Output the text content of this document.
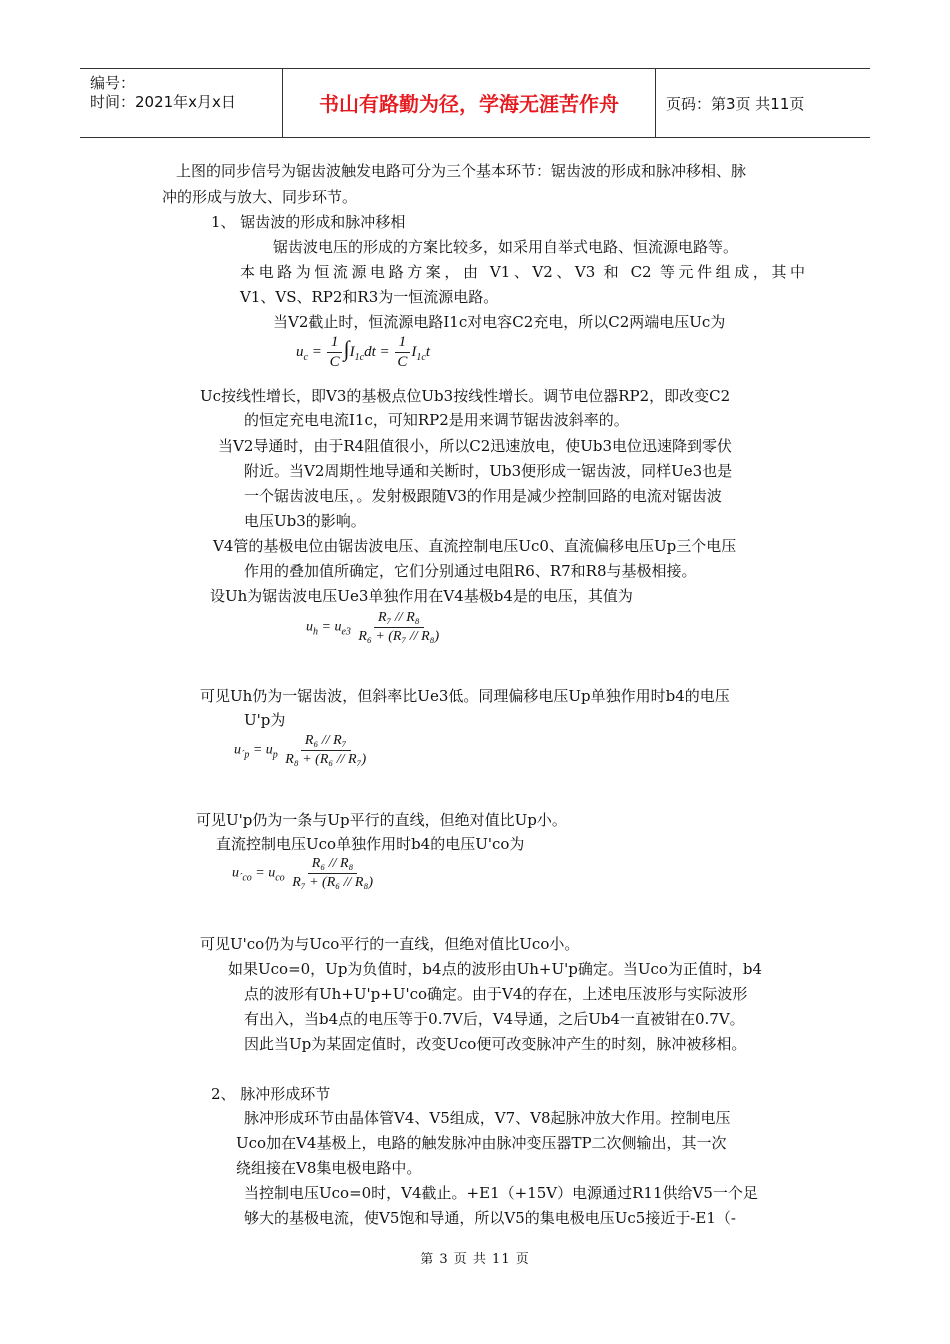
编号：
时间：2021年x月x日	书山有路勤为径，学海无涯苦作舟	页码：第3页 共11页
上图的同步信号为锯齿波触发电路可分为三个基本环节：锯齿波的形成和脉冲移相、脉
冲的形成与放大、同步环节。
1、 锯齿波的形成和脉冲移相
锯齿波电压的形成的方案比较多，如采用自举式电路、恒流源电路等。
本电路为恒流源电路方案，由 V1、V2、V3 和 C2 等元件组成，其中
V1、VS、RP2和R3为一恒流源电路。
当V2截止时，恒流源电路I1c对电容C2充电，所以C2两端电压Uc为
$u_c = \frac{1}{C} \int I_{1c}dt = \frac{1}{C} I_{1c}t$
Uc按线性增长，即V3的基极点位Ub3按线性增长。调节电位器RP2，即改变C2
的恒定充电电流I1c，可知RP2是用来调节锯齿波斜率的。
当V2导通时，由于R4阻值很小，所以C2迅速放电，使Ub3电位迅速降到零伏
附近。当V2周期性地导通和关断时，Ub3便形成一锯齿波，同样Ue3也是
一个锯齿波电压，。发射极跟随V3的作用是减少控制回路的电流对锯齿波
电压Ub3的影响。
V4管的基极电位由锯齿波电压、直流控制电压Uc0、直流偏移电压Up三个电压
作用的叠加值所确定，它们分别通过电阻R6、R7和R8与基极相接。
设Uh为锯齿波电压Ue3单独作用在V4基极b4是的电压，其值为
$u_h = u_{e3} \frac{\text{R₇ // R₈}}{\text{R₆ + (R₇ // R₈)}}$
可见Uh仍为一锯齿波，但斜率比Ue3低。同理偏移电压Up单独作用时b4的电压
U'p为
$u_{´p} = u_p \frac{\text{R₆ // R₇}}{\text{R₈ + (R₆ // R₇)}}$
可见U'p仍为一条与Up平行的直线，但绝对值比Up小。
直流控制电压Uco单独作用时b4的电压U'co为
$u_{´co} = u_{co} \frac{\text{R₆ // R₈}}{\text{R₇ + (R₆ // R₈)}}$
可见U'co仍为与Uco平行的一直线，但绝对值比Uco小。
如果Uco=0，Up为负值时，b4点的波形由Uh+U'p确定。当Uco为正值时，b4
点的波形有Uh+U'p+U'co确定。由于V4的存在，上述电压波形与实际波形
有出入，当b4点的电压等于0.7V后，V4导通，之后Ub4一直被钳在0.7V。
因此当Up为某固定值时，改变Uco便可改变脉冲产生的时刻，脉冲被移相。
2、 脉冲形成环节
脉冲形成环节由晶体管V4、V5组成，V7、V8起脉冲放大作用。控制电压
Uco加在V4基极上，电路的触发脉冲由脉冲变压器TP二次侧输出，其一次
绕组接在V8集电极电路中。
当控制电压Uco=0时，V4截止。+E1（+15V）电源通过R11供给V5一个足
够大的基极电流，使V5饱和导通，所以V5的集电极电压Uc5接近于-E1（-
第 3 页 共 11 页
